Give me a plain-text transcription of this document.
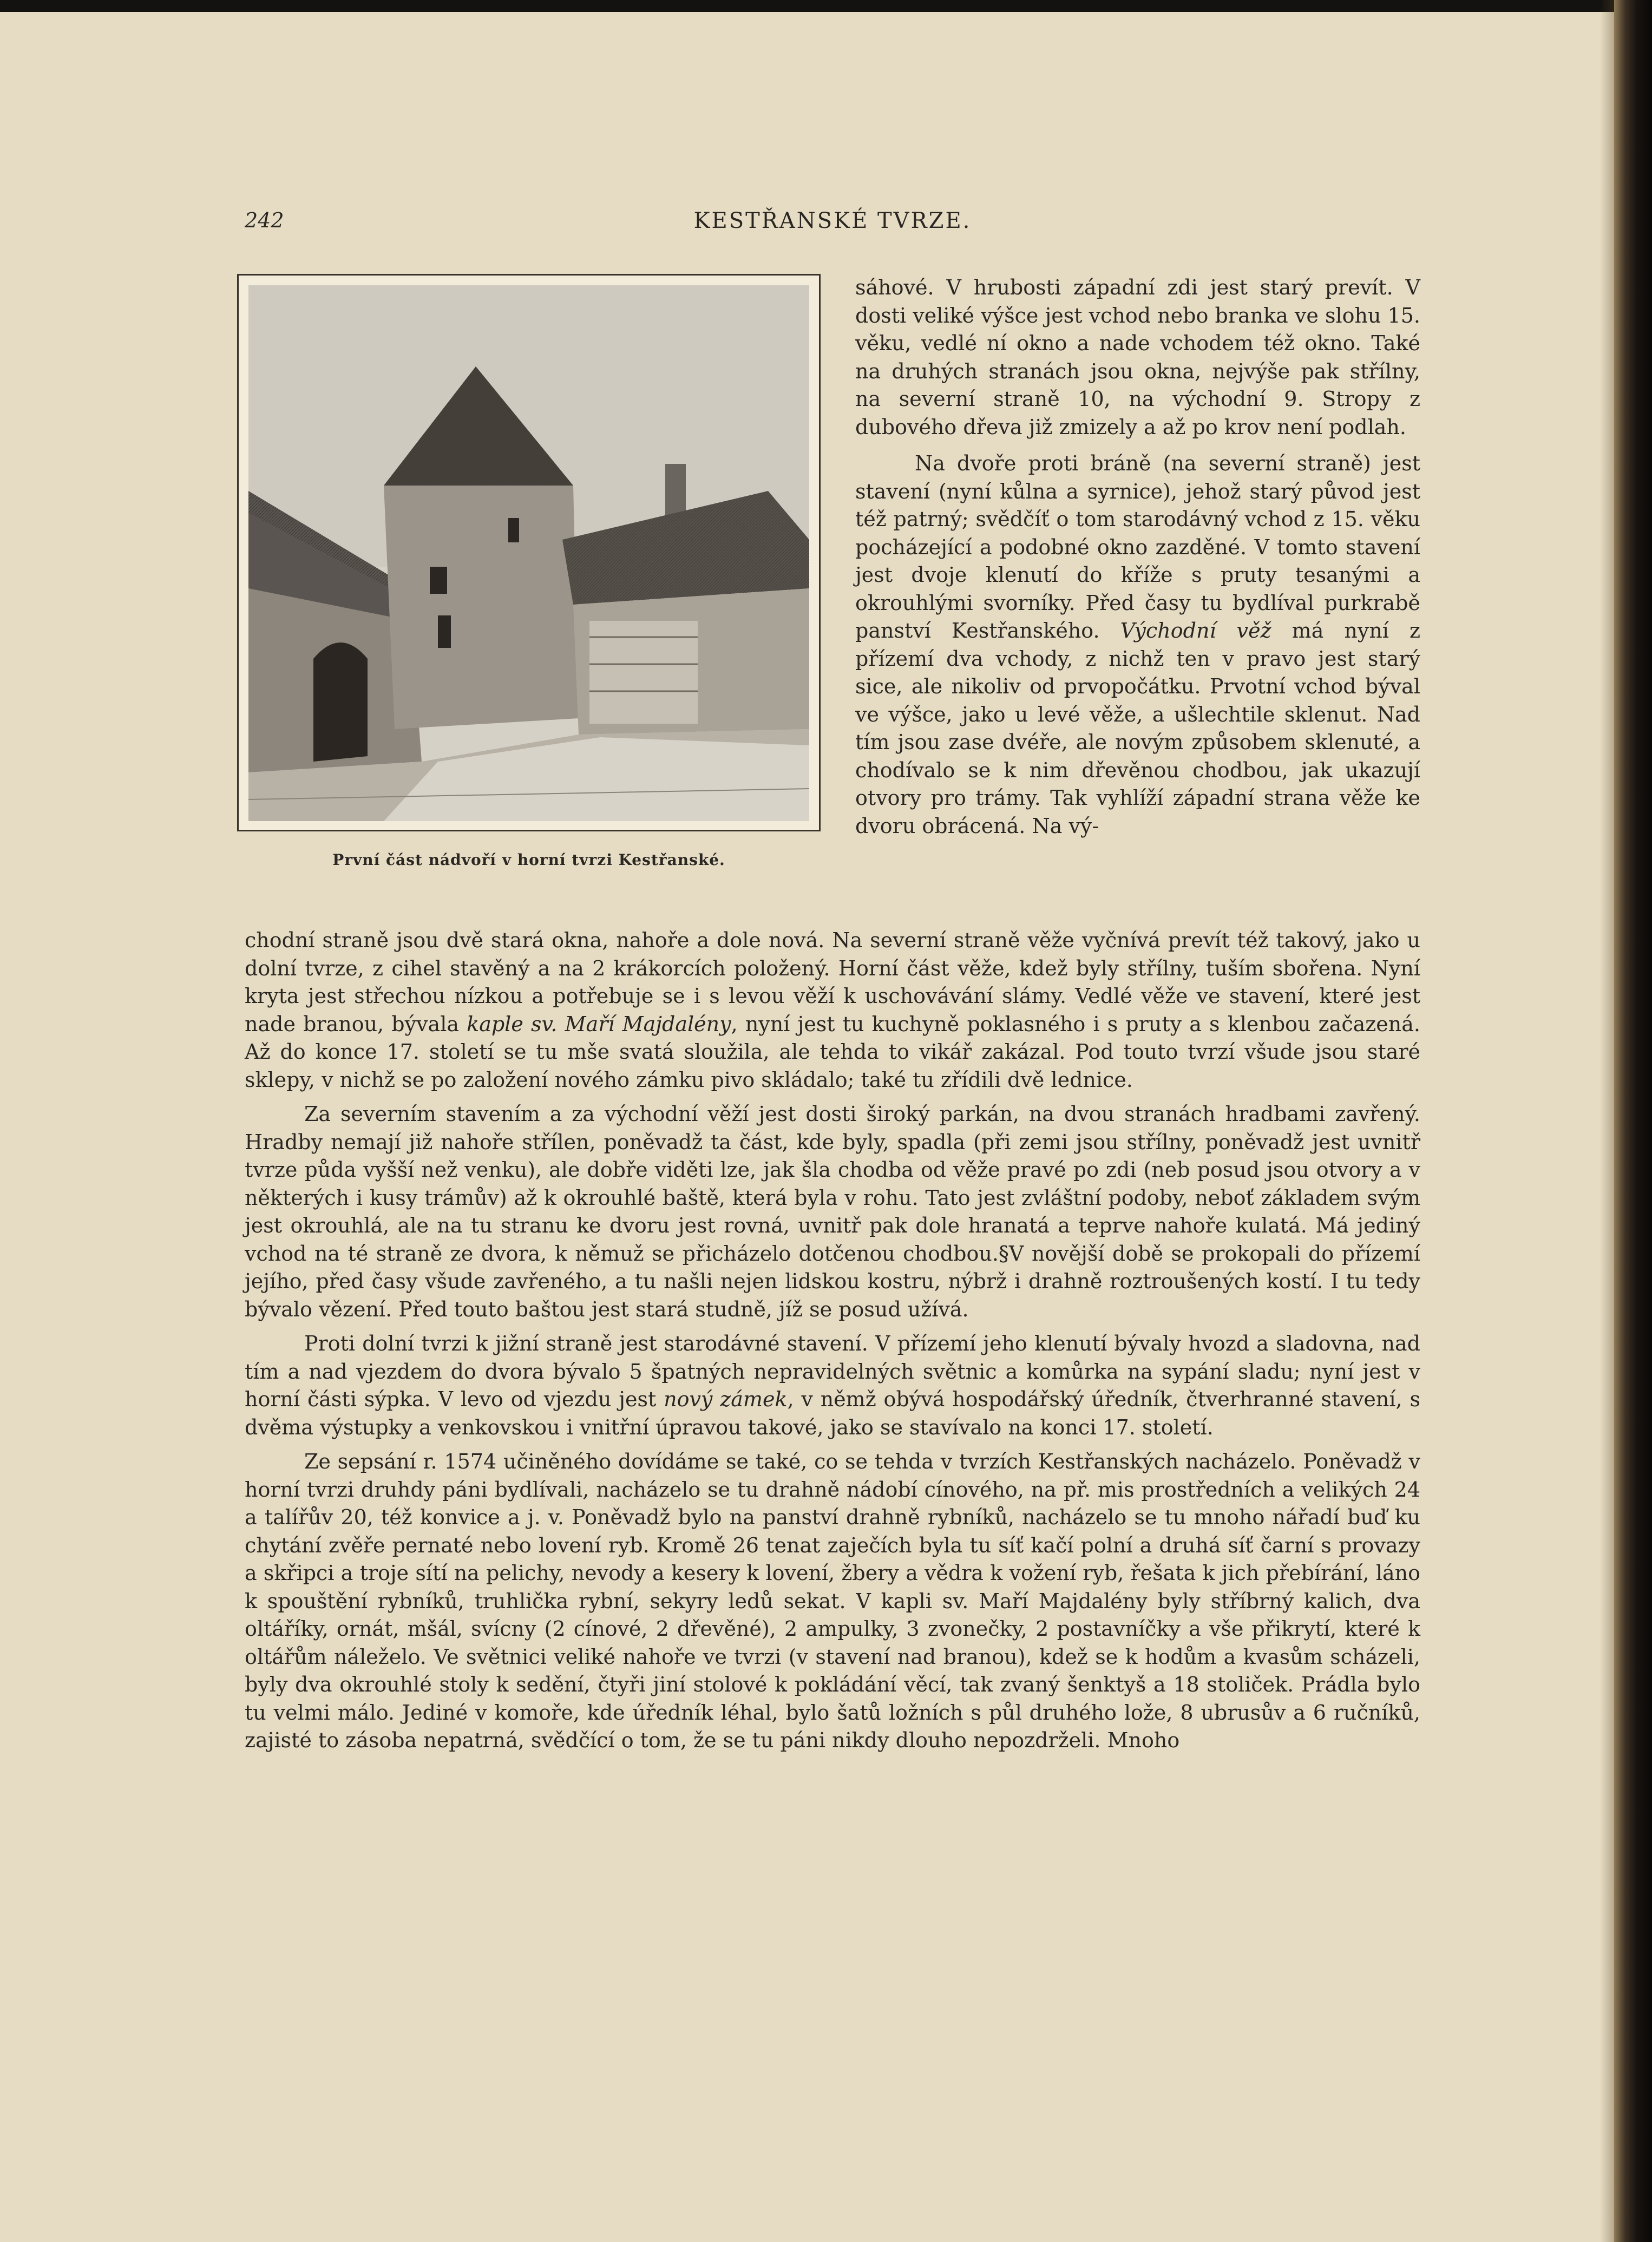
242	KESTŘANSKÉ TVRZE.
První část nádvoří v horní tvrzi Kestřanské.

sáhové. V hrubosti západní zdi jest starý prevít. V dosti veliké výšce jest vchod nebo branka ve slohu 15. věku, vedlé ní okno a nade vchodem též okno. Také na druhých stranách jsou okna, nejvýše pak střílny, na severní straně 10, na východní 9. Stropy z dubového dřeva již zmizely a až po krov není podlah.

Na dvoře proti bráně (na severní straně) jest stavení (nyní kůlna a syrnice), jehož starý původ jest též patrný; svědčíť o tom starodávný vchod z 15. věku pocházející a podobné okno zazděné. V tomto stavení jest dvoje klenutí do kříže s pruty tesanými a okrouhlými svorníky. Před časy tu bydlíval purkrabě panství Kestřanského. Východní věž má nyní z přízemí dva vchody, z nichž ten v pravo jest starý sice, ale nikoliv od prvopočátku. Prvotní vchod býval ve výšce, jako u levé věže, a ušlechtile sklenut. Nad tím jsou zase dvéře, ale novým způsobem sklenuté, a chodívalo se k nim dřevěnou chodbou, jak ukazují otvory pro trámy. Tak vyhlíží západní strana věže ke dvoru obrácená. Na vý-

chodní straně jsou dvě stará okna, nahoře a dole nová. Na severní straně věže vyčnívá prevít též takový, jako u dolní tvrze, z cihel stavěný a na 2 krákorcích položený. Horní část věže, kdež byly střílny, tuším sbořena. Nyní kryta jest střechou nízkou a potřebuje se i s levou věží k uschovávání slámy. Vedlé věže ve stavení, které jest nade branou, bývala kaple sv. Maří Majdalény, nyní jest tu kuchyně poklasného i s pruty a s klenbou začazená. Až do konce 17. století se tu mše svatá sloužila, ale tehda to vikář zakázal. Pod touto tvrzí všude jsou staré sklepy, v nichž se po založení nového zámku pivo skládalo; také tu zřídili dvě lednice.

Za severním stavením a za východní věží jest dosti široký parkán, na dvou stranách hradbami zavřený. Hradby nemají již nahoře střílen, poněvadž ta část, kde byly, spadla (při zemi jsou střílny, poněvadž jest uvnitř tvrze půda vyšší než venku), ale dobře viděti lze, jak šla chodba od věže pravé po zdi (neb posud jsou otvory a v některých i kusy trámův) až k okrouhlé baště, která byla v rohu. Tato jest zvláštní podoby, neboť základem svým jest okrouhlá, ale na tu stranu ke dvoru jest rovná, uvnitř pak dole hranatá a teprve nahoře kulatá. Má jediný vchod na té straně ze dvora, k němuž se přicházelo dotčenou chodbou.§V novější době se prokopali do přízemí jejího, před časy všude zavřeného, a tu našli nejen lidskou kostru, nýbrž i drahně roztroušených kostí. I tu tedy bývalo vězení. Před touto baštou jest stará studně, jíž se posud užívá.

Proti dolní tvrzi k jižní straně jest starodávné stavení. V přízemí jeho klenutí bývaly hvozd a sladovna, nad tím a nad vjezdem do dvora bývalo 5 špatných nepravidelných světnic a komůrka na sypání sladu; nyní jest v horní části sýpka. V levo od vjezdu jest nový zámek, v němž obývá hospodářský úředník, čtverhranné stavení, s dvěma výstupky a venkovskou i vnitřní úpravou takové, jako se stavívalo na konci 17. století.

Ze sepsání r. 1574 učiněného dovídáme se také, co se tehda v tvrzích Kestřanských nacházelo. Poněvadž v horní tvrzi druhdy páni bydlívali, nacházelo se tu drahně nádobí cínového, na př. mis prostředních a velikých 24 a talířův 20, též konvice a j. v. Poněvadž bylo na panství drahně rybníků, nacházelo se tu mnoho nářadí buď ku chytání zvěře pernaté nebo lovení ryb. Kromě 26 tenat zaječích byla tu síť kačí polní a druhá síť čarní s provazy a skřipci a troje sítí na pelichy, nevody a kesery k lovení, žbery a vědra k vožení ryb, řešata k jich přebírání, láno k spouštění rybníků, truhlička rybní, sekyry ledů sekat. V kapli sv. Maří Majdalény byly stříbrný kalich, dva oltáříky, ornát, mšál, svícny (2 cínové, 2 dřevěné), 2 ampulky, 3 zvonečky, 2 postavníčky a vše přikrytí, které k oltářům náleželo. Ve světnici veliké nahoře ve tvrzi (v stavení nad branou), kdež se k hodům a kvasům scházeli, byly dva okrouhlé stoly k sedění, čtyři jiní stolové k pokládání věcí, tak zvaný šenktyš a 18 stoliček. Prádla bylo tu velmi málo. Jediné v komoře, kde úředník léhal, bylo šatů ložních s půl druhého lože, 8 ubrusův a 6 ručníků, zajisté to zásoba nepatrná, svědčící o tom, že se tu páni nikdy dlouho nepozdrželi. Mnoho
